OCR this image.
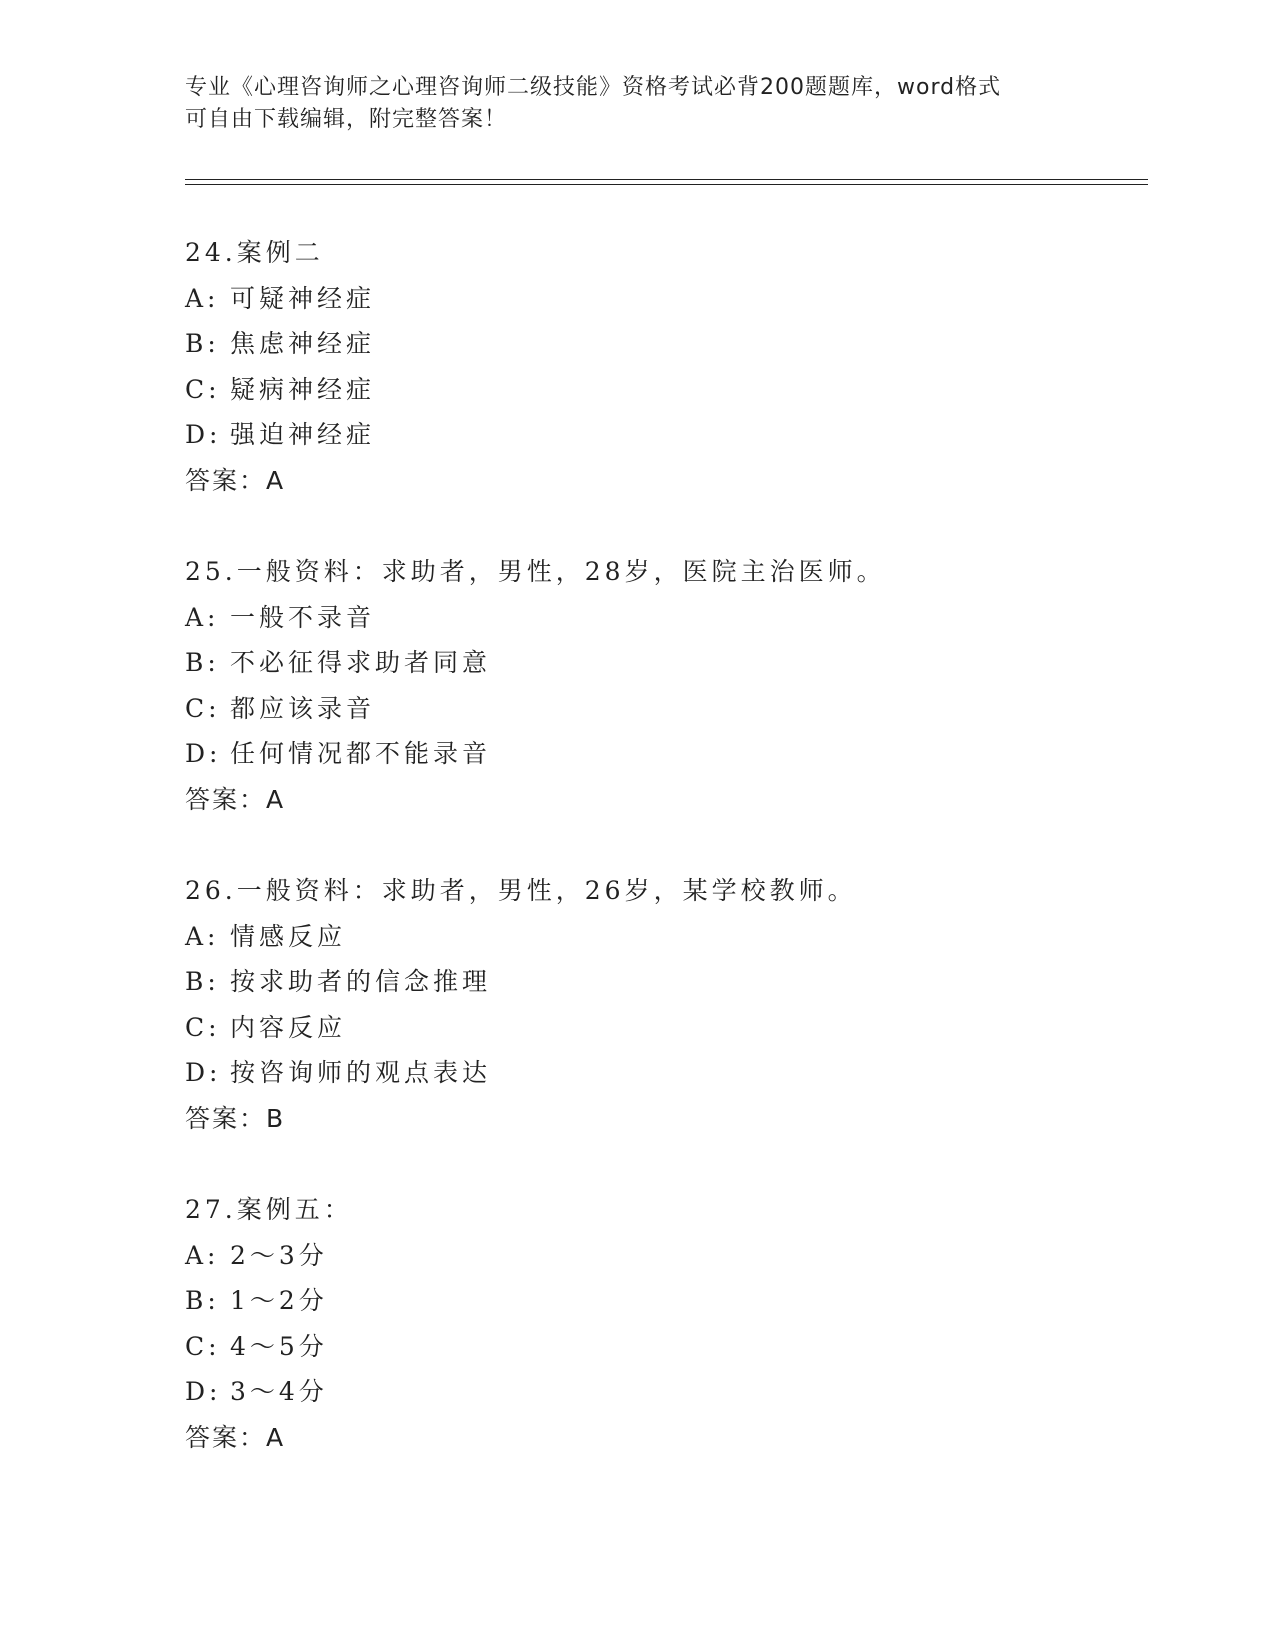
专业《心理咨询师之心理咨询师二级技能》资格考试必背200题题库，word格式
可自由下载编辑，附完整答案！
24.案例二
A: 可疑神经症
B: 焦虑神经症
C: 疑病神经症
D: 强迫神经症
答案：A
25.一般资料：求助者，男性，28岁，医院主治医师。
A: 一般不录音
B: 不必征得求助者同意
C: 都应该录音
D: 任何情况都不能录音
答案：A
26.一般资料：求助者，男性，26岁，某学校教师。
A: 情感反应
B: 按求助者的信念推理
C: 内容反应
D: 按咨询师的观点表达
答案：B
27.案例五：
A: 2～3分
B: 1～2分
C: 4～5分
D: 3～4分
答案：A
